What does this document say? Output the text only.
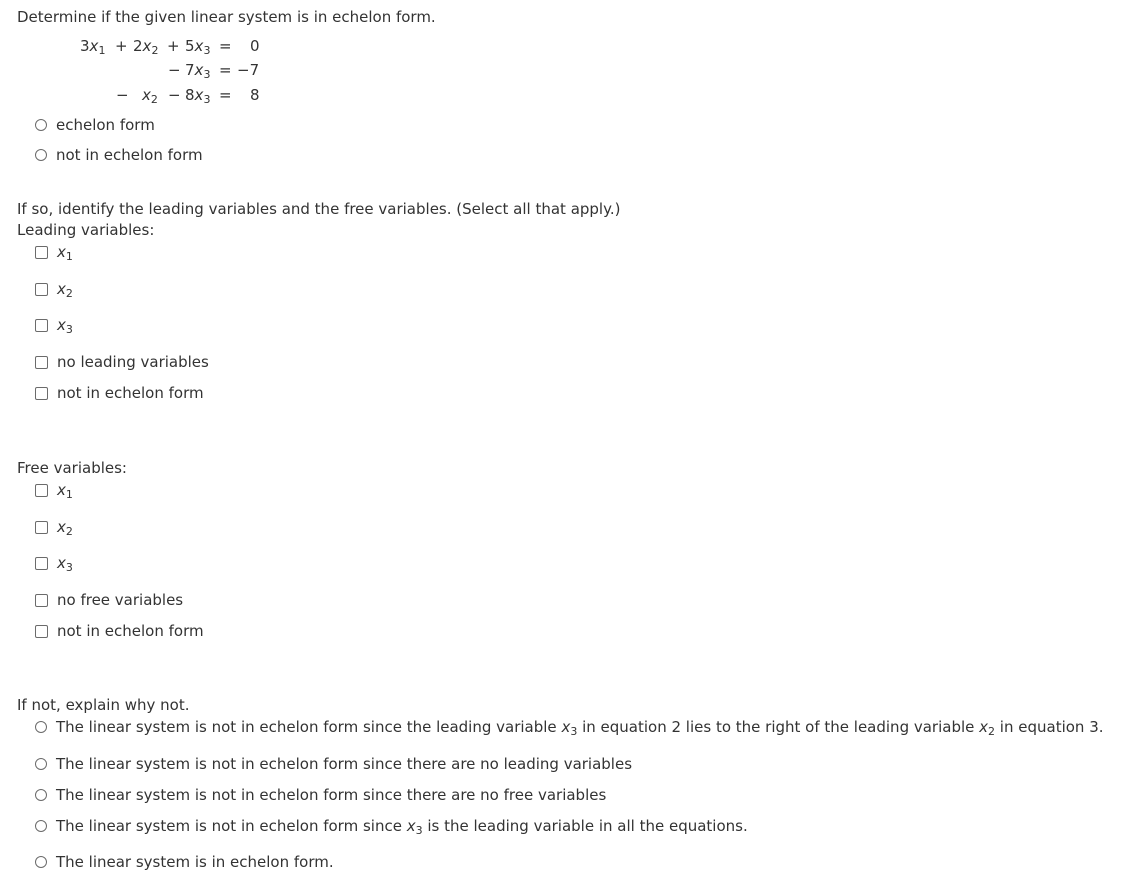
Determine if the given linear system is in echelon form.
$3x_1 + 2x_2 + 5x_3 = 0$
− $7x_3 = -7$
− $x_2 - 8x_3 = 8$
echelon form
not in echelon form
If so, identify the leading variables and the free variables. (Select all that apply.)
Leading variables:
$x_1$
$x_2$
$x_3$
no leading variables
not in echelon form
Free variables:
$x_1$
$x_2$
$x_3$
no free variables
not in echelon form
If not, explain why not.
The linear system is not in echelon form since the leading variable $x_3$ in equation 2 lies to the right of the leading variable $x_2$ in equation 3.
The linear system is not in echelon form since there are no leading variables
The linear system is not in echelon form since there are no free variables
The linear system is not in echelon form since $x_3$ is the leading variable in all the equations.
The linear system is in echelon form.
